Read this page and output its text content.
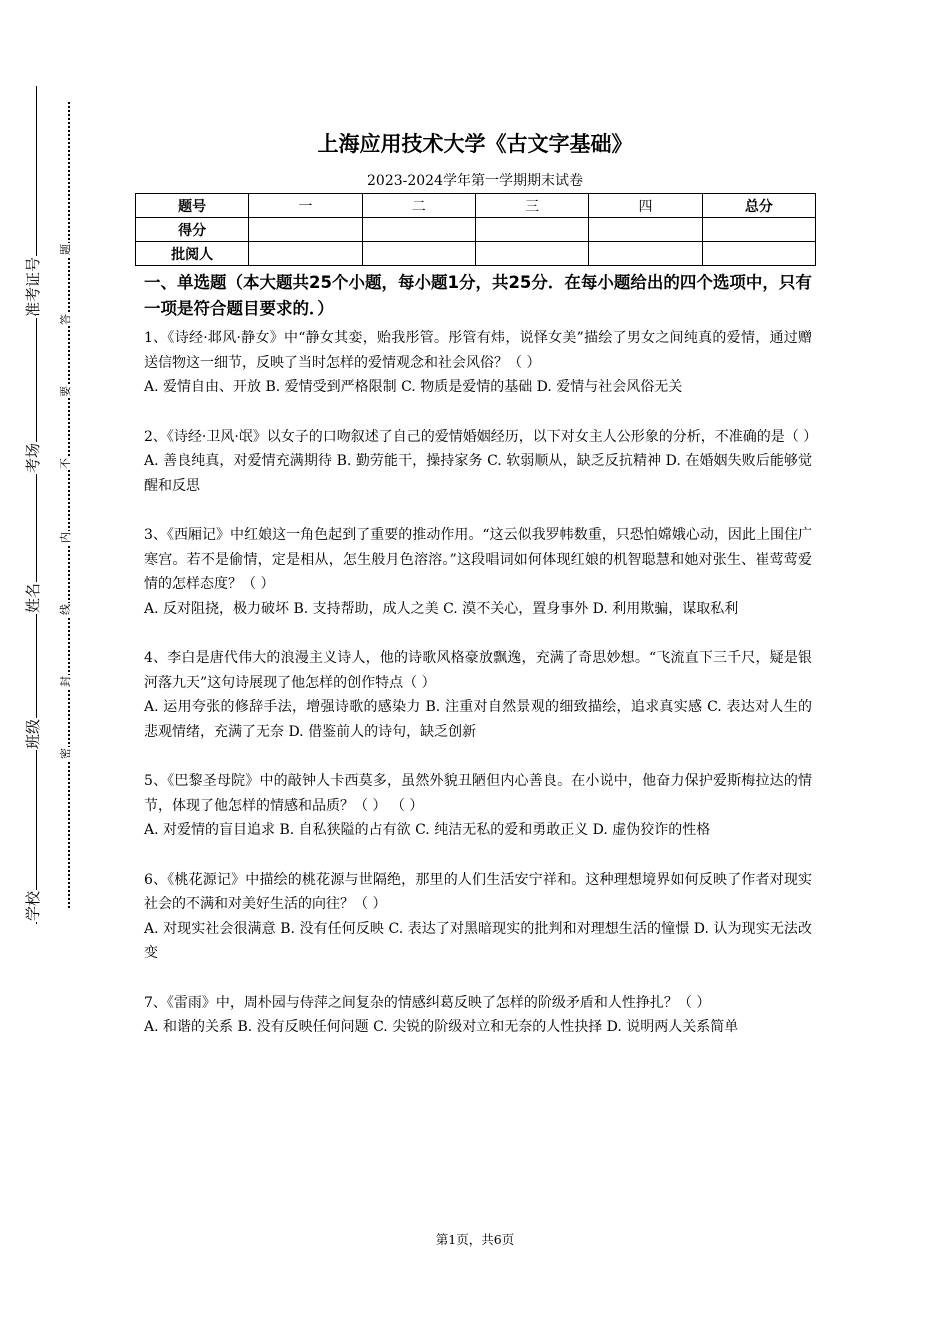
准考证号
考场
姓名
班级
学校
题
答
要
不
内
线
封
密
上海应用技术大学《古文字基础》
2023-2024学年第一学期期末试卷
题号	一	二	三	四	总分
得分					
批阅人					
一、单选题（本大题共25个小题，每小题1分，共25分．在每小题给出的四个选项中，只有一项是符合题目要求的．）

1、《诗经·邶风·静女》中“静女其娈，贻我彤管。彤管有炜，说怿女美”描绘了男女之间纯真的爱情，通过赠送信物这一细节，反映了当时怎样的爱情观念和社会风俗？（ ）

A. 爱情自由、开放 B. 爱情受到严格限制 C. 物质是爱情的基础 D. 爱情与社会风俗无关

2、《诗经·卫风·氓》以女子的口吻叙述了自己的爱情婚姻经历，以下对女主人公形象的分析，不准确的是（ ）

A. 善良纯真，对爱情充满期待 B. 勤劳能干，操持家务 C. 软弱顺从，缺乏反抗精神 D. 在婚姻失败后能够觉醒和反思

3、《西厢记》中红娘这一角色起到了重要的推动作用。“这云似我罗帏数重，只恐怕嫦娥心动，因此上围住广寒宫。若不是偷情，定是相从，怎生般月色溶溶。”这段唱词如何体现红娘的机智聪慧和她对张生、崔莺莺爱情的怎样态度？（ ）

A. 反对阻挠，极力破坏 B. 支持帮助，成人之美 C. 漠不关心，置身事外 D. 利用欺骗，谋取私利

4、李白是唐代伟大的浪漫主义诗人，他的诗歌风格豪放飘逸，充满了奇思妙想。“飞流直下三千尺，疑是银河落九天”这句诗展现了他怎样的创作特点（ ）

A. 运用夸张的修辞手法，增强诗歌的感染力 B. 注重对自然景观的细致描绘，追求真实感 C. 表达对人生的悲观情绪，充满了无奈 D. 借鉴前人的诗句，缺乏创新

5、《巴黎圣母院》中的敲钟人卡西莫多，虽然外貌丑陋但内心善良。在小说中，他奋力保护爱斯梅拉达的情节，体现了他怎样的情感和品质？（ ） （ ）

A. 对爱情的盲目追求 B. 自私狭隘的占有欲 C. 纯洁无私的爱和勇敢正义 D. 虚伪狡诈的性格

6、《桃花源记》中描绘的桃花源与世隔绝，那里的人们生活安宁祥和。这种理想境界如何反映了作者对现实社会的不满和对美好生活的向往？（ ）

A. 对现实社会很满意 B. 没有任何反映 C. 表达了对黑暗现实的批判和对理想生活的憧憬 D. 认为现实无法改变

7、《雷雨》中，周朴园与侍萍之间复杂的情感纠葛反映了怎样的阶级矛盾和人性挣扎？（ ）

A. 和谐的关系 B. 没有反映任何问题 C. 尖锐的阶级对立和无奈的人性抉择 D. 说明两人关系简单

第1页，共6页
